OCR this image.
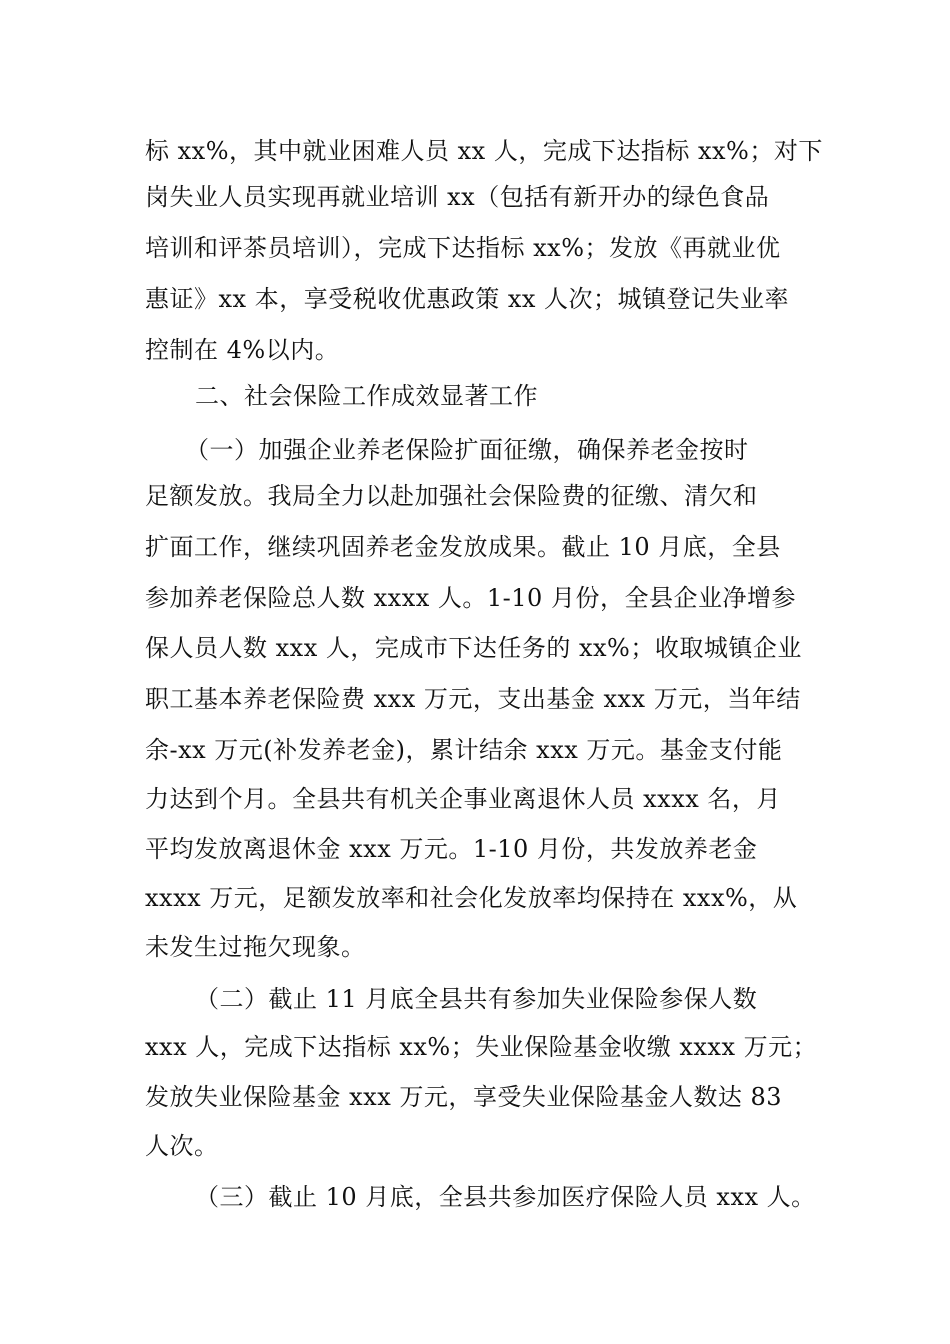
标 xx%，其中就业困难人员 xx 人，完成下达指标 xx%；对下
岗失业人员实现再就业培训 xx（包括有新开办的绿色食品
培训和评茶员培训），完成下达指标 xx%；发放《再就业优
惠证》xx 本，享受税收优惠政策 xx 人次；城镇登记失业率
控制在 4%以内。
二、社会保险工作成效显著工作
（一）加强企业养老保险扩面征缴，确保养老金按时
足额发放。我局全力以赴加强社会保险费的征缴、清欠和
扩面工作，继续巩固养老金发放成果。截止 10 月底，全县
参加养老保险总人数 xxxx 人。1-10 月份，全县企业净增参
保人员人数 xxx 人，完成市下达任务的 xx%；收取城镇企业
职工基本养老保险费 xxx 万元，支出基金 xxx 万元，当年结
余-xx 万元(补发养老金)，累计结余 xxx 万元。基金支付能
力达到个月。全县共有机关企事业离退休人员 xxxx 名，月
平均发放离退休金 xxx 万元。1-10 月份，共发放养老金
xxxx 万元，足额发放率和社会化发放率均保持在 xxx%，从
未发生过拖欠现象。
（二）截止 11 月底全县共有参加失业保险参保人数
xxx 人，完成下达指标 xx%；失业保险基金收缴 xxxx 万元；
发放失业保险基金 xxx 万元，享受失业保险基金人数达 83
人次。
（三）截止 10 月底，全县共参加医疗保险人员 xxx 人。
